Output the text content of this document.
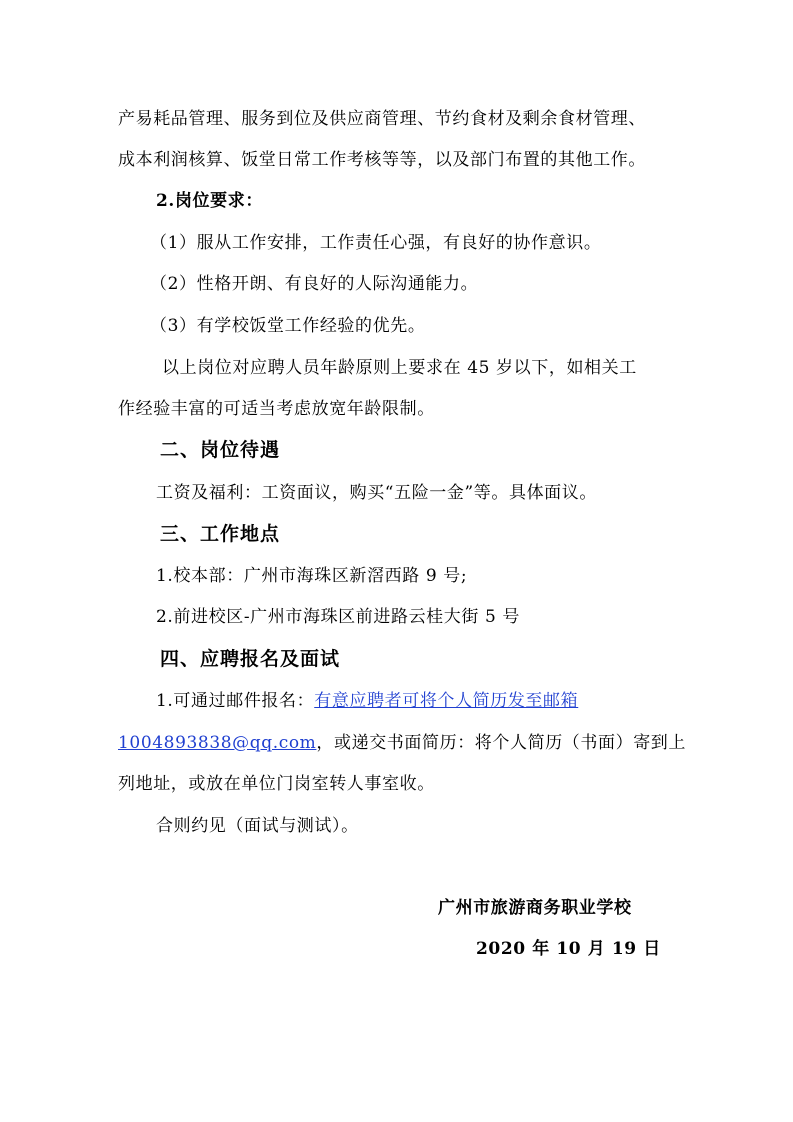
产易耗品管理、服务到位及供应商管理、节约食材及剩余食材管理、
成本利润核算、饭堂日常工作考核等等，以及部门布置的其他工作。
2.岗位要求：
（1）服从工作安排，工作责任心强，有良好的协作意识。
（2）性格开朗、有良好的人际沟通能力。
（3）有学校饭堂工作经验的优先。
以上岗位对应聘人员年龄原则上要求在 45 岁以下，如相关工
作经验丰富的可适当考虑放宽年龄限制。
二、岗位待遇
工资及福利：工资面议，购买“五险一金”等。具体面议。
三、工作地点
1.校本部：广州市海珠区新滘西路 9 号;
2.前进校区-广州市海珠区前进路云桂大街 5 号
四、应聘报名及面试
1.可通过邮件报名：有意应聘者可将个人简历发至邮箱
1004893838@qq.com，或递交书面简历：将个人简历（书面）寄到上
列地址，或放在单位门岗室转人事室收。
合则约见（面试与测试）。
广州市旅游商务职业学校
2020 年 10 月 19 日
